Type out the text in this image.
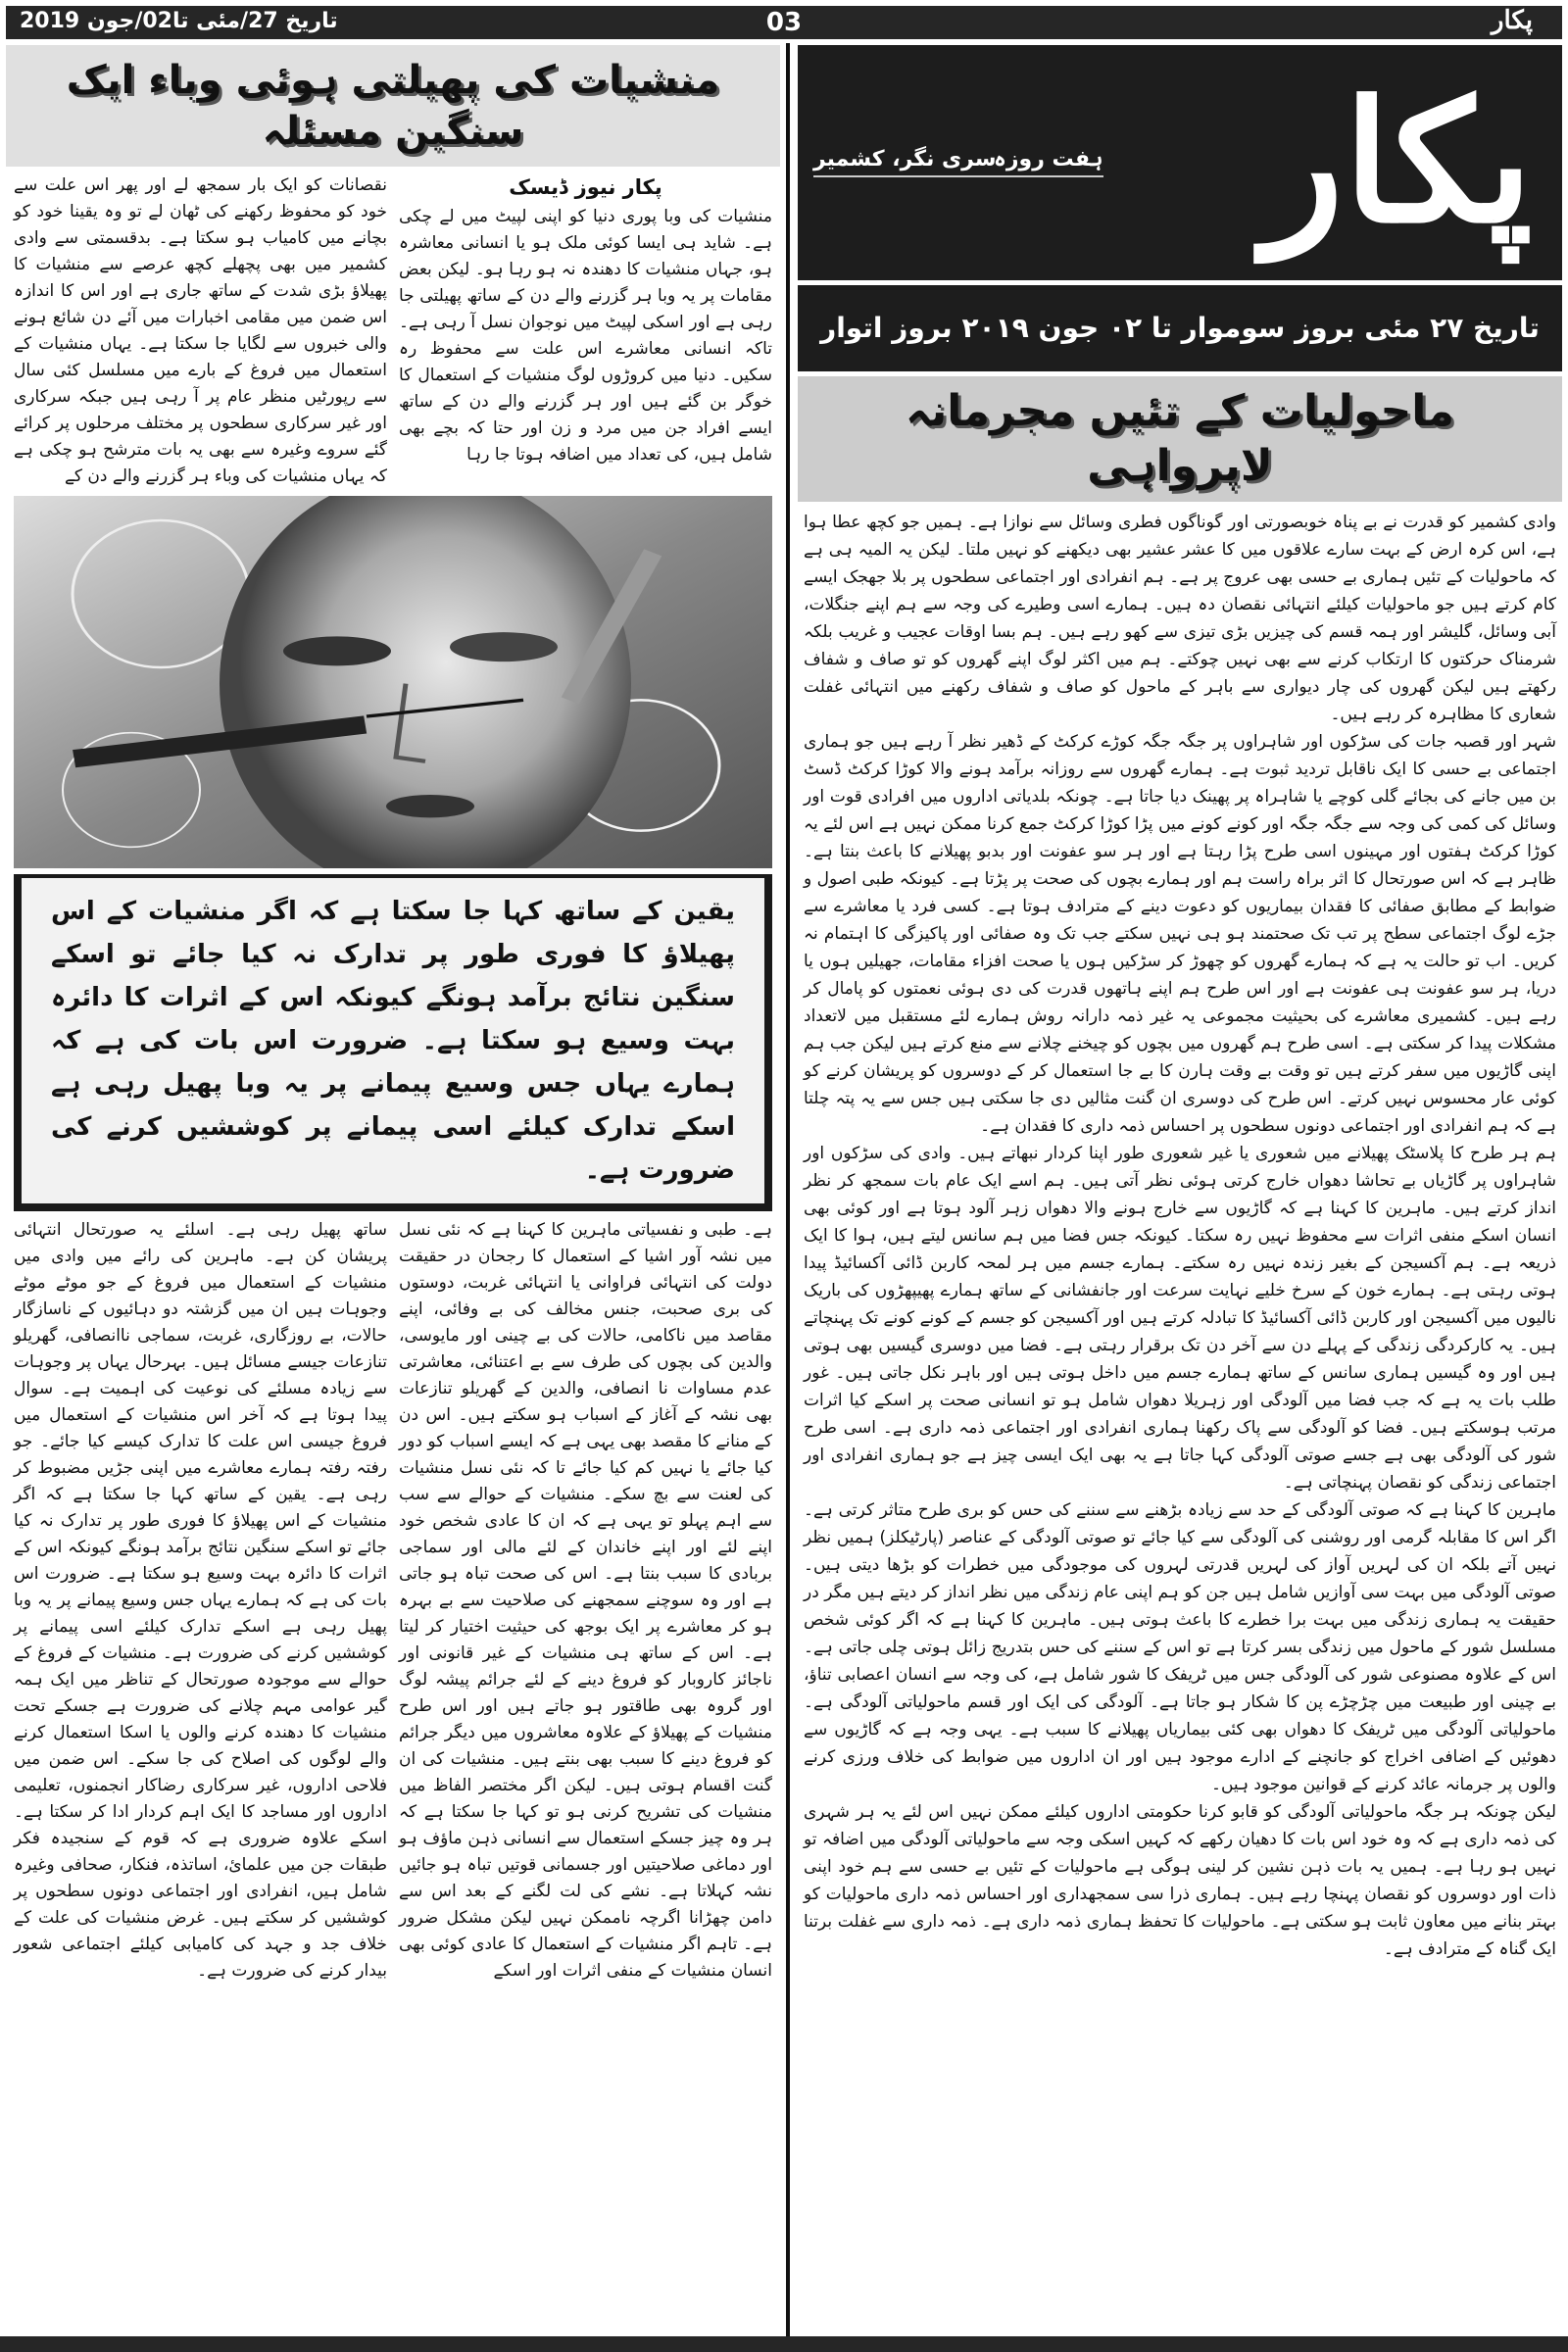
تاریخ 27/مئی تا02/جون 2019	03	پکار
منشیات کی پھیلتی ہوئی وباء ایک سنگین مسئلہ
پکار نیوز ڈیسک

منشیات کی وبا پوری دنیا کو اپنی لپیٹ میں لے چکی ہے۔ شاید ہی ایسا کوئی ملک ہو یا انسانی معاشرہ ہو، جہاں منشیات کا دھندہ نہ ہو رہا ہو۔ لیکن بعض مقامات پر یہ وبا ہر گزرنے والے دن کے ساتھ پھیلتی جا رہی ہے اور اسکی لپیٹ میں نوجوان نسل آ رہی ہے۔ تاکہ انسانی معاشرے اس علت سے محفوظ رہ سکیں۔ دنیا میں کروڑوں لوگ منشیات کے استعمال کا خوگر بن گئے ہیں اور ہر گزرنے والے دن کے ساتھ ایسے افراد جن میں مرد و زن اور حتا کہ بچے بھی شامل ہیں، کی تعداد میں اضافہ ہوتا جا رہا

نقصانات کو ایک بار سمجھ لے اور پھر اس علت سے خود کو محفوظ رکھنے کی ٹھان لے تو وہ یقینا خود کو بچانے میں کامیاب ہو سکتا ہے۔ بدقسمتی سے وادی کشمیر میں بھی پچھلے کچھ عرصے سے منشیات کا پھیلاؤ بڑی شدت کے ساتھ جاری ہے اور اس کا اندازہ اس ضمن میں مقامی اخبارات میں آئے دن شائع ہونے والی خبروں سے لگایا جا سکتا ہے۔ یہاں منشیات کے استعمال میں فروغ کے بارے میں مسلسل کئی سال سے رپورٹیں منظر عام پر آ رہی ہیں جبکہ سرکاری اور غیر سرکاری سطحوں پر مختلف مرحلوں پر کرائے گئے سروے وغیرہ سے بھی یہ بات مترشح ہو چکی ہے کہ یہاں منشیات کی وباء ہر گزرنے والے دن کے

یقین کے ساتھ کہا جا سکتا ہے کہ اگر منشیات کے اس پھیلاؤ کا فوری طور پر تدارک نہ کیا جائے تو اسکے سنگین نتائج برآمد ہونگے کیونکہ اس کے اثرات کا دائرہ بہت وسیع ہو سکتا ہے۔ ضرورت اس بات کی ہے کہ ہمارے یہاں جس وسیع پیمانے پر یہ وبا پھیل رہی ہے اسکے تدارک کیلئے اسی پیمانے پر کوششیں کرنے کی ضرورت ہے۔

ہے۔ طبی و نفسیاتی ماہرین کا کہنا ہے کہ نئی نسل میں نشہ آور اشیا کے استعمال کا رجحان در حقیقت دولت کی انتہائی فراوانی یا انتہائی غربت، دوستوں کی بری صحبت، جنس مخالف کی بے وفائی، اپنے مقاصد میں ناکامی، حالات کی بے چینی اور مایوسی، والدین کی بچوں کی طرف سے بے اعتنائی، معاشرتی عدم مساوات نا انصافی، والدین کے گھریلو تنازعات بھی نشہ کے آغاز کے اسباب ہو سکتے ہیں۔ اس دن کے منانے کا مقصد بھی یہی ہے کہ ایسے اسباب کو دور کیا جائے یا نہیں کم کیا جائے تا کہ نئی نسل منشیات کی لعنت سے بچ سکے۔ منشیات کے حوالے سے سب سے اہم پہلو تو یہی ہے کہ ان کا عادی شخص خود اپنے لئے اور اپنے خاندان کے لئے مالی اور سماجی بربادی کا سبب بنتا ہے۔ اس کی صحت تباہ ہو جاتی ہے اور وہ سوچنے سمجھنے کی صلاحیت سے بے بہرہ ہو کر معاشرے پر ایک بوجھ کی حیثیت اختیار کر لیتا ہے۔ اس کے ساتھ ہی منشیات کے غیر قانونی اور ناجائز کاروبار کو فروغ دینے کے لئے جرائم پیشہ لوگ اور گروہ بھی طاقتور ہو جاتے ہیں اور اس طرح منشیات کے پھیلاؤ کے علاوہ معاشروں میں دیگر جرائم کو فروغ دینے کا سبب بھی بنتے ہیں۔ منشیات کی ان گنت اقسام ہوتی ہیں۔ لیکن اگر مختصر الفاظ میں منشیات کی تشریح کرنی ہو تو کہا جا سکتا ہے کہ ہر وہ چیز جسکے استعمال سے انسانی ذہن ماؤف ہو اور دماغی صلاحیتیں اور جسمانی قوتیں تباہ ہو جائیں نشہ کہلاتا ہے۔ نشے کی لت لگنے کے بعد اس سے دامن چھڑانا اگرچہ ناممکن نہیں لیکن مشکل ضرور ہے۔ تاہم اگر منشیات کے استعمال کا عادی کوئی بھی انسان منشیات کے منفی اثرات اور اسکے

ساتھ پھیل رہی ہے۔ اسلئے یہ صورتحال انتہائی پریشان کن ہے۔ ماہرین کی رائے میں وادی میں منشیات کے استعمال میں فروغ کے جو موٹے موٹے وجوہات ہیں ان میں گزشتہ دو دہائیوں کے ناسازگار حالات، بے روزگاری، غربت، سماجی ناانصافی، گھریلو تنازعات جیسے مسائل ہیں۔ بہرحال یہاں پر وجوہات سے زیادہ مسلئے کی نوعیت کی اہمیت ہے۔ سوال پیدا ہوتا ہے کہ آخر اس منشیات کے استعمال میں فروغ جیسی اس علت کا تدارک کیسے کیا جائے۔ جو رفتہ رفتہ ہمارے معاشرے میں اپنی جڑیں مضبوط کر رہی ہے۔ یقین کے ساتھ کہا جا سکتا ہے کہ اگر منشیات کے اس پھیلاؤ کا فوری طور پر تدارک نہ کیا جائے تو اسکے سنگین نتائج برآمد ہونگے کیونکہ اس کے اثرات کا دائرہ بہت وسیع ہو سکتا ہے۔ ضرورت اس بات کی ہے کہ ہمارے یہاں جس وسیع پیمانے پر یہ وبا پھیل رہی ہے اسکے تدارک کیلئے اسی پیمانے پر کوششیں کرنے کی ضرورت ہے۔ منشیات کے فروغ کے حوالے سے موجودہ صورتحال کے تناظر میں ایک ہمہ گیر عوامی مہم چلانے کی ضرورت ہے جسکے تحت منشیات کا دھندہ کرنے والوں یا اسکا استعمال کرنے والے لوگوں کی اصلاح کی جا سکے۔ اس ضمن میں فلاحی اداروں، غیر سرکاری رضاکار انجمنوں، تعلیمی اداروں اور مساجد کا ایک اہم کردار ادا کر سکتا ہے۔ اسکے علاوہ ضروری ہے کہ قوم کے سنجیدہ فکر طبقات جن میں علمائ، اساتذہ، فنکار، صحافی وغیرہ شامل ہیں، انفرادی اور اجتماعی دونوں سطحوں پر کوششیں کر سکتے ہیں۔ غرض منشیات کی علت کے خلاف جد و جہد کی کامیابی کیلئے اجتماعی شعور بیدار کرنے کی ضرورت ہے۔

پکار
ہفت روزہ
سری نگر، کشمیر
تاریخ ۲۷ مئی بروز سوموار تا ۰۲ جون ۲۰۱۹ بروز اتوار
ماحولیات کے تئیں مجرمانہ لاپرواہی

وادی کشمیر کو قدرت نے بے پناہ خوبصورتی اور گوناگوں فطری وسائل سے نوازا ہے۔ ہمیں جو کچھ عطا ہوا ہے، اس کرہ ارض کے بہت سارے علاقوں میں کا عشر عشیر بھی دیکھنے کو نہیں ملتا۔ لیکن یہ المیہ ہی ہے کہ ماحولیات کے تئیں ہماری بے حسی بھی عروج پر ہے۔ ہم انفرادی اور اجتماعی سطحوں پر بلا جھجک ایسے کام کرتے ہیں جو ماحولیات کیلئے انتہائی نقصان دہ ہیں۔ ہمارے اسی وطیرے کی وجہ سے ہم اپنے جنگلات، آبی وسائل، گلیشر اور ہمہ قسم کی چیزیں بڑی تیزی سے کھو رہے ہیں۔ ہم بسا اوقات عجیب و غریب بلکہ شرمناک حرکتوں کا ارتکاب کرنے سے بھی نہیں چوکتے۔ ہم میں اکثر لوگ اپنے گھروں کو تو صاف و شفاف رکھتے ہیں لیکن گھروں کی چار دیواری سے باہر کے ماحول کو صاف و شفاف رکھنے میں انتہائی غفلت شعاری کا مظاہرہ کر رہے ہیں۔

شہر اور قصبہ جات کی سڑکوں اور شاہراوں پر جگہ جگہ کوڑے کرکٹ کے ڈھیر نظر آ رہے ہیں جو ہماری اجتماعی بے حسی کا ایک ناقابل تردید ثبوت ہے۔ ہمارے گھروں سے روزانہ برآمد ہونے والا کوڑا کرکٹ ڈسٹ بن میں جانے کی بجائے گلی کوچے یا شاہراہ پر پھینک دیا جاتا ہے۔ چونکہ بلدیاتی اداروں میں افرادی قوت اور وسائل کی کمی کی وجہ سے جگہ جگہ اور کونے کونے میں پڑا کوڑا کرکٹ جمع کرنا ممکن نہیں ہے اس لئے یہ کوڑا کرکٹ ہفتوں اور مہینوں اسی طرح پڑا رہتا ہے اور ہر سو عفونت اور بدبو پھیلانے کا باعث بنتا ہے۔ ظاہر ہے کہ اس صورتحال کا اثر براہ راست ہم اور ہمارے بچوں کی صحت پر پڑتا ہے۔ کیونکہ طبی اصول و ضوابط کے مطابق صفائی کا فقدان بیماریوں کو دعوت دینے کے مترادف ہوتا ہے۔ کسی فرد یا معاشرے سے جڑے لوگ اجتماعی سطح پر تب تک صحتمند ہو ہی نہیں سکتے جب تک وہ صفائی اور پاکیزگی کا اہتمام نہ کریں۔ اب تو حالت یہ ہے کہ ہمارے گھروں کو چھوڑ کر سڑکیں ہوں یا صحت افزاء مقامات، جھیلیں ہوں یا دریا، ہر سو عفونت ہی عفونت ہے اور اس طرح ہم اپنے ہاتھوں قدرت کی دی ہوئی نعمتوں کو پامال کر رہے ہیں۔ کشمیری معاشرے کی بحیثیت مجموعی یہ غیر ذمہ دارانہ روش ہمارے لئے مستقبل میں لاتعداد مشکلات پیدا کر سکتی ہے۔ اسی طرح ہم گھروں میں بچوں کو چیخنے چلانے سے منع کرتے ہیں لیکن جب ہم اپنی گاڑیوں میں سفر کرتے ہیں تو وقت بے وقت ہارن کا بے جا استعمال کر کے دوسروں کو پریشان کرنے کو کوئی عار محسوس نہیں کرتے۔ اس طرح کی دوسری ان گنت مثالیں دی جا سکتی ہیں جس سے یہ پتہ چلتا ہے کہ ہم انفرادی اور اجتماعی دونوں سطحوں پر احساس ذمہ داری کا فقدان ہے۔

ہم ہر طرح کا پلاسٹک پھیلانے میں شعوری یا غیر شعوری طور اپنا کردار نبھاتے ہیں۔ وادی کی سڑکوں اور شاہراوں پر گاڑیاں بے تحاشا دھواں خارج کرتی ہوئی نظر آتی ہیں۔ ہم اسے ایک عام بات سمجھ کر نظر انداز کرتے ہیں۔ ماہرین کا کہنا ہے کہ گاڑیوں سے خارج ہونے والا دھواں زہر آلود ہوتا ہے اور کوئی بھی انسان اسکے منفی اثرات سے محفوظ نہیں رہ سکتا۔ کیونکہ جس فضا میں ہم سانس لیتے ہیں، ہوا کا ایک ذریعہ ہے۔ ہم آکسیجن کے بغیر زندہ نہیں رہ سکتے۔ ہمارے جسم میں ہر لمحہ کاربن ڈائی آکسائیڈ پیدا ہوتی رہتی ہے۔ ہمارے خون کے سرخ خلیے نہایت سرعت اور جانفشانی کے ساتھ ہمارے پھیپھڑوں کی باریک نالیوں میں آکسیجن اور کاربن ڈائی آکسائیڈ کا تبادلہ کرتے ہیں اور آکسیجن کو جسم کے کونے کونے تک پہنچاتے ہیں۔ یہ کارکردگی زندگی کے پہلے دن سے آخر دن تک برقرار رہتی ہے۔ فضا میں دوسری گیسیں بھی ہوتی ہیں اور وہ گیسیں ہماری سانس کے ساتھ ہمارے جسم میں داخل ہوتی ہیں اور باہر نکل جاتی ہیں۔ غور طلب بات یہ ہے کہ جب فضا میں آلودگی اور زہریلا دھواں شامل ہو تو انسانی صحت پر اسکے کیا اثرات مرتب ہوسکتے ہیں۔ فضا کو آلودگی سے پاک رکھنا ہماری انفرادی اور اجتماعی ذمہ داری ہے۔ اسی طرح شور کی آلودگی بھی ہے جسے صوتی آلودگی کہا جاتا ہے یہ بھی ایک ایسی چیز ہے جو ہماری انفرادی اور اجتماعی زندگی کو نقصان پہنچاتی ہے۔

ماہرین کا کہنا ہے کہ صوتی آلودگی کے حد سے زیادہ بڑھنے سے سننے کی حس کو بری طرح متاثر کرتی ہے۔ اگر اس کا مقابلہ گرمی اور روشنی کی آلودگی سے کیا جائے تو صوتی آلودگی کے عناصر (پارٹیکلز) ہمیں نظر نہیں آتے بلکہ ان کی لہریں آواز کی لہریں قدرتی لہروں کی موجودگی میں خطرات کو بڑھا دیتی ہیں۔ صوتی آلودگی میں بہت سی آوازیں شامل ہیں جن کو ہم اپنی عام زندگی میں نظر انداز کر دیتے ہیں مگر در حقیقت یہ ہماری زندگی میں بہت برا خطرے کا باعث ہوتی ہیں۔ ماہرین کا کہنا ہے کہ اگر کوئی شخص مسلسل شور کے ماحول میں زندگی بسر کرتا ہے تو اس کے سننے کی حس بتدریج زائل ہوتی چلی جاتی ہے۔ اس کے علاوہ مصنوعی شور کی آلودگی جس میں ٹریفک کا شور شامل ہے، کی وجہ سے انسان اعصابی تناؤ، بے چینی اور طبیعت میں چڑچڑے پن کا شکار ہو جاتا ہے۔ آلودگی کی ایک اور قسم ماحولیاتی آلودگی ہے۔ ماحولیاتی آلودگی میں ٹریفک کا دھواں بھی کئی بیماریاں پھیلانے کا سبب ہے۔ یہی وجہ ہے کہ گاڑیوں سے دھوئیں کے اضافی اخراج کو جانچنے کے ادارے موجود ہیں اور ان اداروں میں ضوابط کی خلاف ورزی کرنے والوں پر جرمانہ عائد کرنے کے قوانین موجود ہیں۔

لیکن چونکہ ہر جگہ ماحولیاتی آلودگی کو قابو کرنا حکومتی اداروں کیلئے ممکن نہیں اس لئے یہ ہر شہری کی ذمہ داری ہے کہ وہ خود اس بات کا دھیان رکھے کہ کہیں اسکی وجہ سے ماحولیاتی آلودگی میں اضافہ تو نہیں ہو رہا ہے۔ ہمیں یہ بات ذہن نشین کر لینی ہوگی ہے ماحولیات کے تئیں بے حسی سے ہم خود اپنی ذات اور دوسروں کو نقصان پہنچا رہے ہیں۔ ہماری ذرا سی سمجھداری اور احساس ذمہ داری ماحولیات کو بہتر بنانے میں معاون ثابت ہو سکتی ہے۔ ماحولیات کا تحفظ ہماری ذمہ داری ہے۔ ذمہ داری سے غفلت برتنا ایک گناہ کے مترادف ہے۔
